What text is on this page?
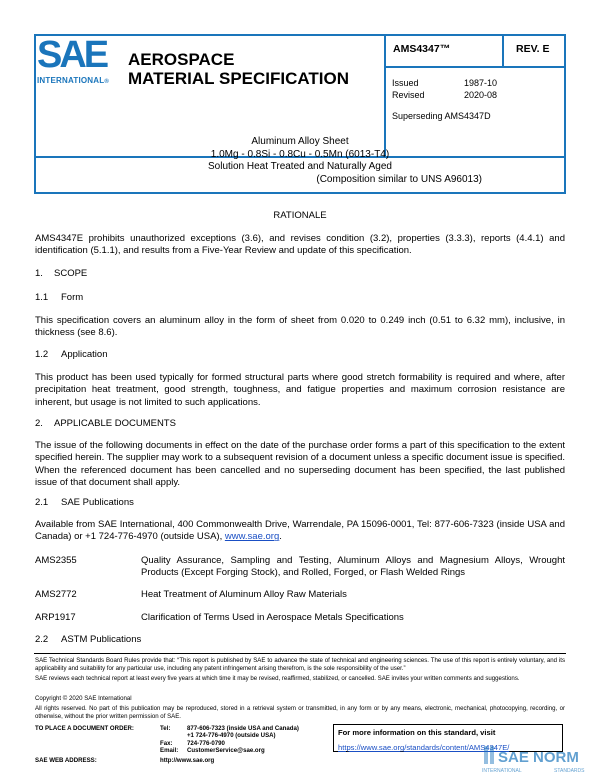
SAE
INTERNATIONAL®
AEROSPACE
MATERIAL SPECIFICATION
AMS4347™	REV. E
Issued	1987-10
Revised	2020-08
Superseding AMS4347D
Aluminum Alloy Sheet
1.0Mg - 0.8Si - 0.8Cu - 0.5Mn (6013-T4)
Solution Heat Treated and Naturally Aged
(Composition similar to UNS A96013)
RATIONALE
AMS4347E prohibits unauthorized exceptions (3.6), and revises condition (3.2), properties (3.3.3), reports (4.4.1) and identification (5.1.1), and results from a Five-Year Review and update of this specification.
1. SCOPE
1.1 Form
This specification covers an aluminum alloy in the form of sheet from 0.020 to 0.249 inch (0.51 to 6.32 mm), inclusive, in thickness (see 8.6).
1.2 Application
This product has been used typically for formed structural parts where good stretch formability is required and where, after precipitation heat treatment, good strength, toughness, and fatigue properties and maximum corrosion resistance are inherent, but usage is not limited to such applications.
2. APPLICABLE DOCUMENTS
The issue of the following documents in effect on the date of the purchase order forms a part of this specification to the extent specified herein. The supplier may work to a subsequent revision of a document unless a specific document issue is specified. When the referenced document has been cancelled and no superseding document has been specified, the last published issue of that document shall apply.
2.1 SAE Publications
Available from SAE International, 400 Commonwealth Drive, Warrendale, PA 15096-0001, Tel: 877-606-7323 (inside USA and Canada) or +1 724-776-4970 (outside USA), www.sae.org.
AMS2355	Quality Assurance, Sampling and Testing, Aluminum Alloys and Magnesium Alloys, Wrought Products (Except Forging Stock), and Rolled, Forged, or Flash Welded Rings
AMS2772	Heat Treatment of Aluminum Alloy Raw Materials
ARP1917	Clarification of Terms Used in Aerospace Metals Specifications
2.2 ASTM Publications
SAE Technical Standards Board Rules provide that: “This report is published by SAE to advance the state of technical and engineering sciences. The use of this report is entirely voluntary, and its applicability and suitability for any particular use, including any patent infringement arising therefrom, is the sole responsibility of the user.”
SAE reviews each technical report at least every five years at which time it may be revised, reaffirmed, stabilized, or cancelled. SAE invites your written comments and suggestions.
Copyright © 2020 SAE International
All rights reserved. No part of this publication may be reproduced, stored in a retrieval system or transmitted, in any form or by any means, electronic, mechanical, photocopying, recording, or otherwise, without the prior written permission of SAE.
TO PLACE A DOCUMENT ORDER:	Tel:	877-606-7323 (inside USA and Canada)
+1 724-776-4970 (outside USA)
Fax: 724-776-0790
Email: CustomerService@sae.org
SAE WEB ADDRESS:	http://www.sae.org
For more information on this standard, visit
https://www.sae.org/standards/content/AMS4347E/
SAE NORM
INTERNATIONAL	STANDARDS
